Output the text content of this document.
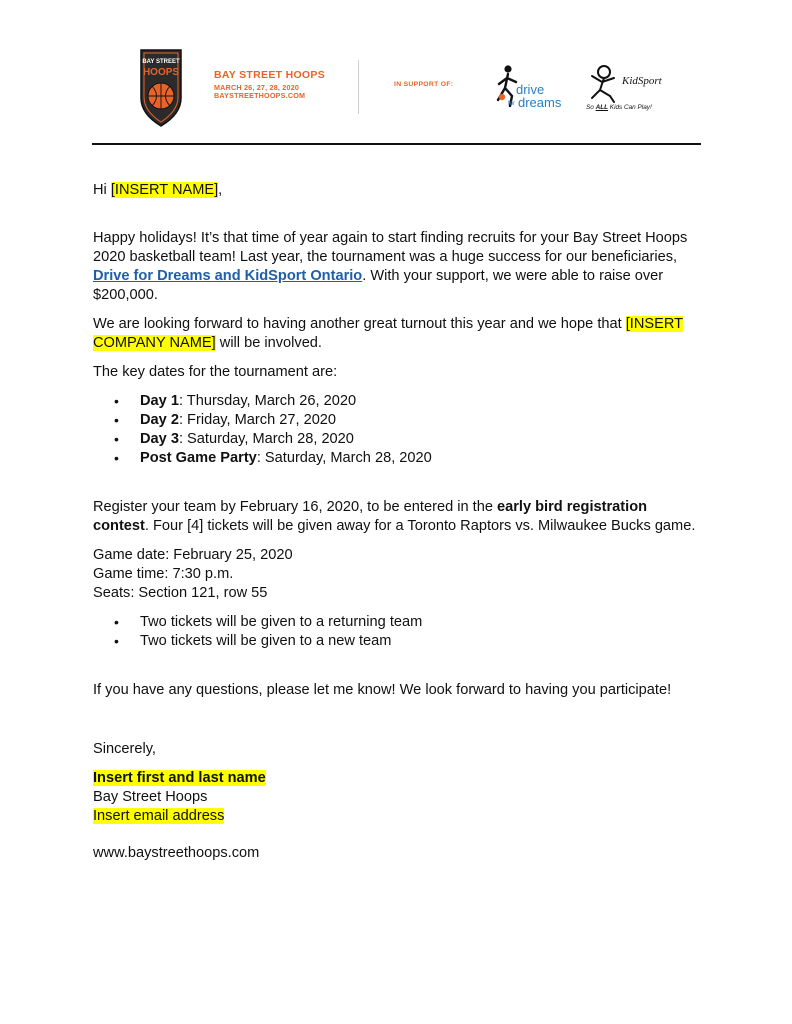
BAY STREET
HOOPS	BAY STREET HOOPS
MARCH 26, 27, 28, 2020
BAYSTREETHOOPS.COM
IN SUPPORT OF:	drive
for dreams
KidSport
So ALL Kids Can Play!

Hi [INSERT NAME],

Happy holidays! It’s that time of year again to start finding recruits for your Bay Street Hoops 2020 basketball team! Last year, the tournament was a huge success for our beneficiaries, Drive for Dreams and KidSport Ontario. With your support, we were able to raise over $200,000.

We are looking forward to having another great turnout this year and we hope that [INSERT COMPANY NAME] will be involved.

The key dates for the tournament are:

• Day 1: Thursday, March 26, 2020
• Day 2: Friday, March 27, 2020
• Day 3: Saturday, March 28, 2020
• Post Game Party: Saturday, March 28, 2020

Register your team by February 16, 2020, to be entered in the early bird registration contest. Four [4] tickets will be given away for a Toronto Raptors vs. Milwaukee Bucks game.

Game date: February 25, 2020

Game time: 7:30 p.m.

Seats: Section 121, row 55

• Two tickets will be given to a returning team
• Two tickets will be given to a new team

If you have any questions, please let me know! We look forward to having you participate!

Sincerely,

Insert first and last name

Bay Street Hoops

Insert email address

www.baystreethoops.com
